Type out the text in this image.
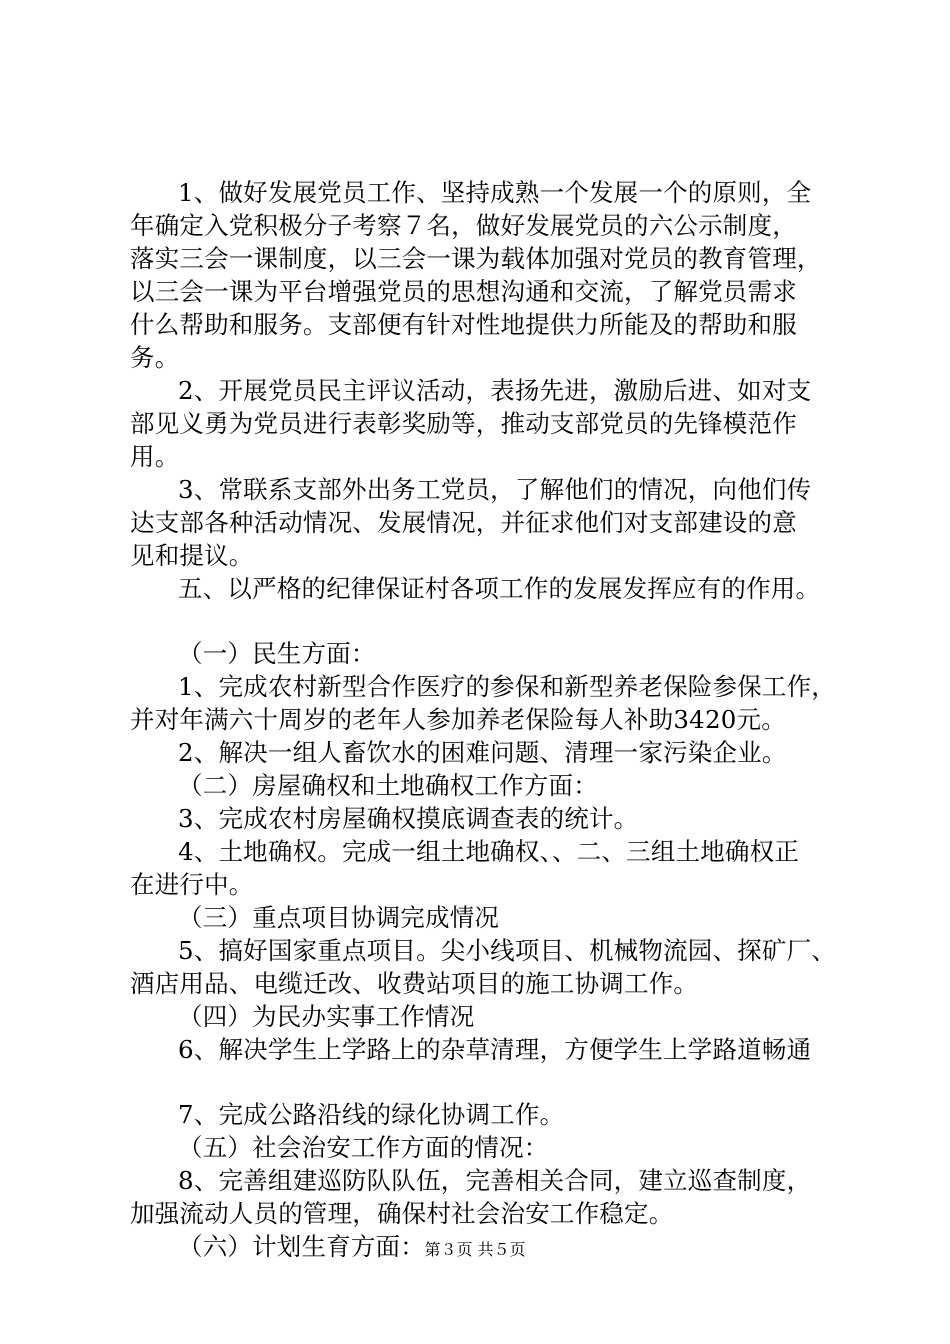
1、做好发展党员工作、坚持成熟一个发展一个的原则，全
年确定入党积极分子考察７名，做好发展党员的六公示制度，
落实三会一课制度，以三会一课为载体加强对党员的教育管理，
以三会一课为平台增强党员的思想沟通和交流，了解党员需求
什么帮助和服务。支部便有针对性地提供力所能及的帮助和服
务。
2、开展党员民主评议活动，表扬先进，激励后进、如对支
部见义勇为党员进行表彰奖励等，推动支部党员的先锋模范作
用。
3、常联系支部外出务工党员，了解他们的情况，向他们传
达支部各种活动情况、发展情况，并征求他们对支部建设的意
见和提议。
五、以严格的纪律保证村各项工作的发展发挥应有的作用。
（一）民生方面：
1、完成农村新型合作医疗的参保和新型养老保险参保工作，
并对年满六十周岁的老年人参加养老保险每人补助3420元。
2、解决一组人畜饮水的困难问题、清理一家污染企业。
（二）房屋确权和土地确权工作方面：
3、完成农村房屋确权摸底调查表的统计。
4、土地确权。完成一组土地确权、、二、三组土地确权正
在进行中。
（三）重点项目协调完成情况
5、搞好国家重点项目。尖小线项目、机械物流园、探矿厂、
酒店用品、电缆迁改、收费站项目的施工协调工作。
（四）为民办实事工作情况
6、解决学生上学路上的杂草清理，方便学生上学路道畅通
7、完成公路沿线的绿化协调工作。
（五）社会治安工作方面的情况：
8、完善组建巡防队队伍，完善相关合同，建立巡查制度，
加强流动人员的管理，确保村社会治安工作稳定。
（六）计划生育方面： 第３页 共５页
